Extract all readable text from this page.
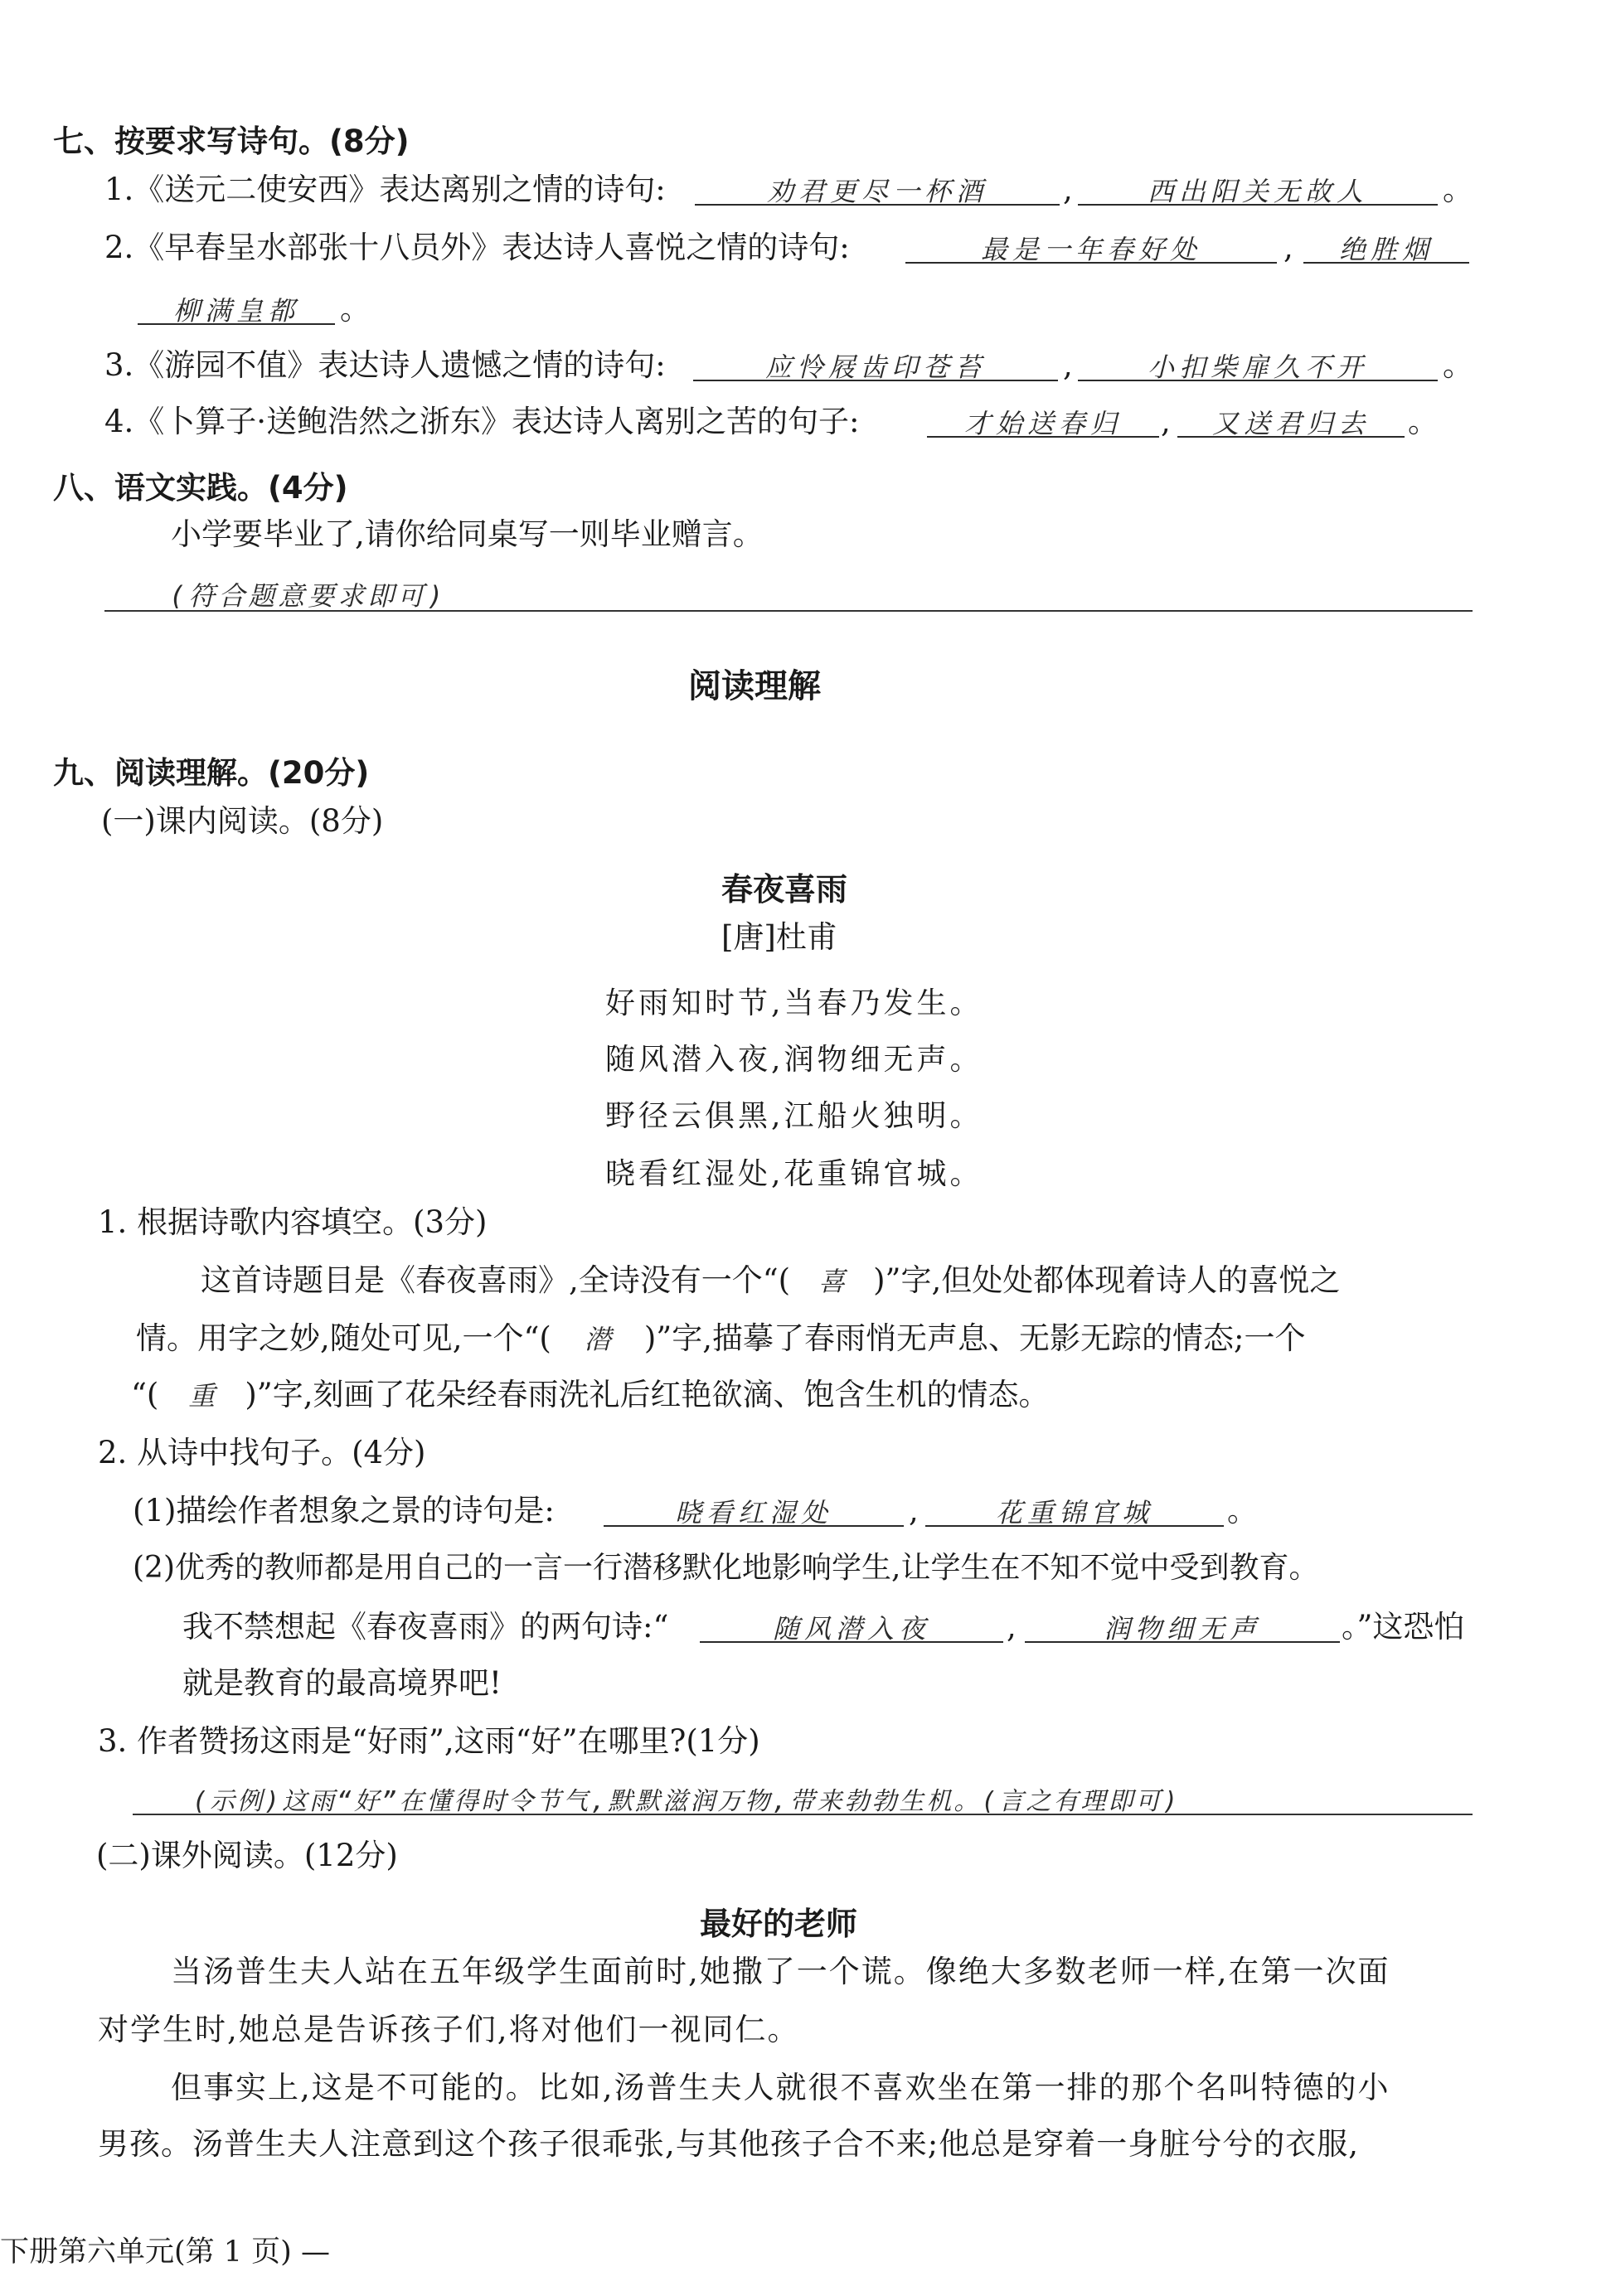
七、按要求写诗句。(8分)
1.《送元二使安西》表达离别之情的诗句:	劝君更尽一杯酒	,	西出阳关无故人	。
2.《早春呈水部张十八员外》表达诗人喜悦之情的诗句:	最是一年春好处	,	绝胜烟
柳满皇都	。
3.《游园不值》表达诗人遗憾之情的诗句:	应怜屐齿印苍苔	,	小扣柴扉久不开	。
4.《卜算子·送鲍浩然之浙东》表达诗人离别之苦的句子:	才始送春归	,	又送君归去	。
八、语文实践。(4分)
小学要毕业了,请你给同桌写一则毕业赠言。
(符合题意要求即可)
阅读理解
九、阅读理解。(20分)
(一)课内阅读。(8分)
春夜喜雨
[唐]杜甫
好雨知时节,当春乃发生。
随风潜入夜,润物细无声。
野径云俱黑,江船火独明。
晓看红湿处,花重锦官城。
1. 根据诗歌内容填空。(3分)
这首诗题目是《春夜喜雨》,全诗没有一个“( 喜 )”字,但处处都体现着诗人的喜悦之
情。用字之妙,随处可见,一个“( 潜 )”字,描摹了春雨悄无声息、无影无踪的情态;一个
“( 重 )”字,刻画了花朵经春雨洗礼后红艳欲滴、饱含生机的情态。
2. 从诗中找句子。(4分)
(1)描绘作者想象之景的诗句是:	晓看红湿处	,	花重锦官城	。
(2)优秀的教师都是用自己的一言一行潜移默化地影响学生,让学生在不知不觉中受到教育。
我不禁想起《春夜喜雨》的两句诗:“	随风潜入夜	,	润物细无声	。”这恐怕
就是教育的最高境界吧!
3. 作者赞扬这雨是“好雨”,这雨“好”在哪里?(1分)
(示例)这雨“好”在懂得时令节气,默默滋润万物,带来勃勃生机。(言之有理即可)
(二)课外阅读。(12分)
最好的老师
当汤普生夫人站在五年级学生面前时,她撒了一个谎。像绝大多数老师一样,在第一次面
对学生时,她总是告诉孩子们,将对他们一视同仁。
但事实上,这是不可能的。比如,汤普生夫人就很不喜欢坐在第一排的那个名叫特德的小
男孩。汤普生夫人注意到这个孩子很乖张,与其他孩子合不来;他总是穿着一身脏兮兮的衣服,
下册第六单元(第 1 页) —
